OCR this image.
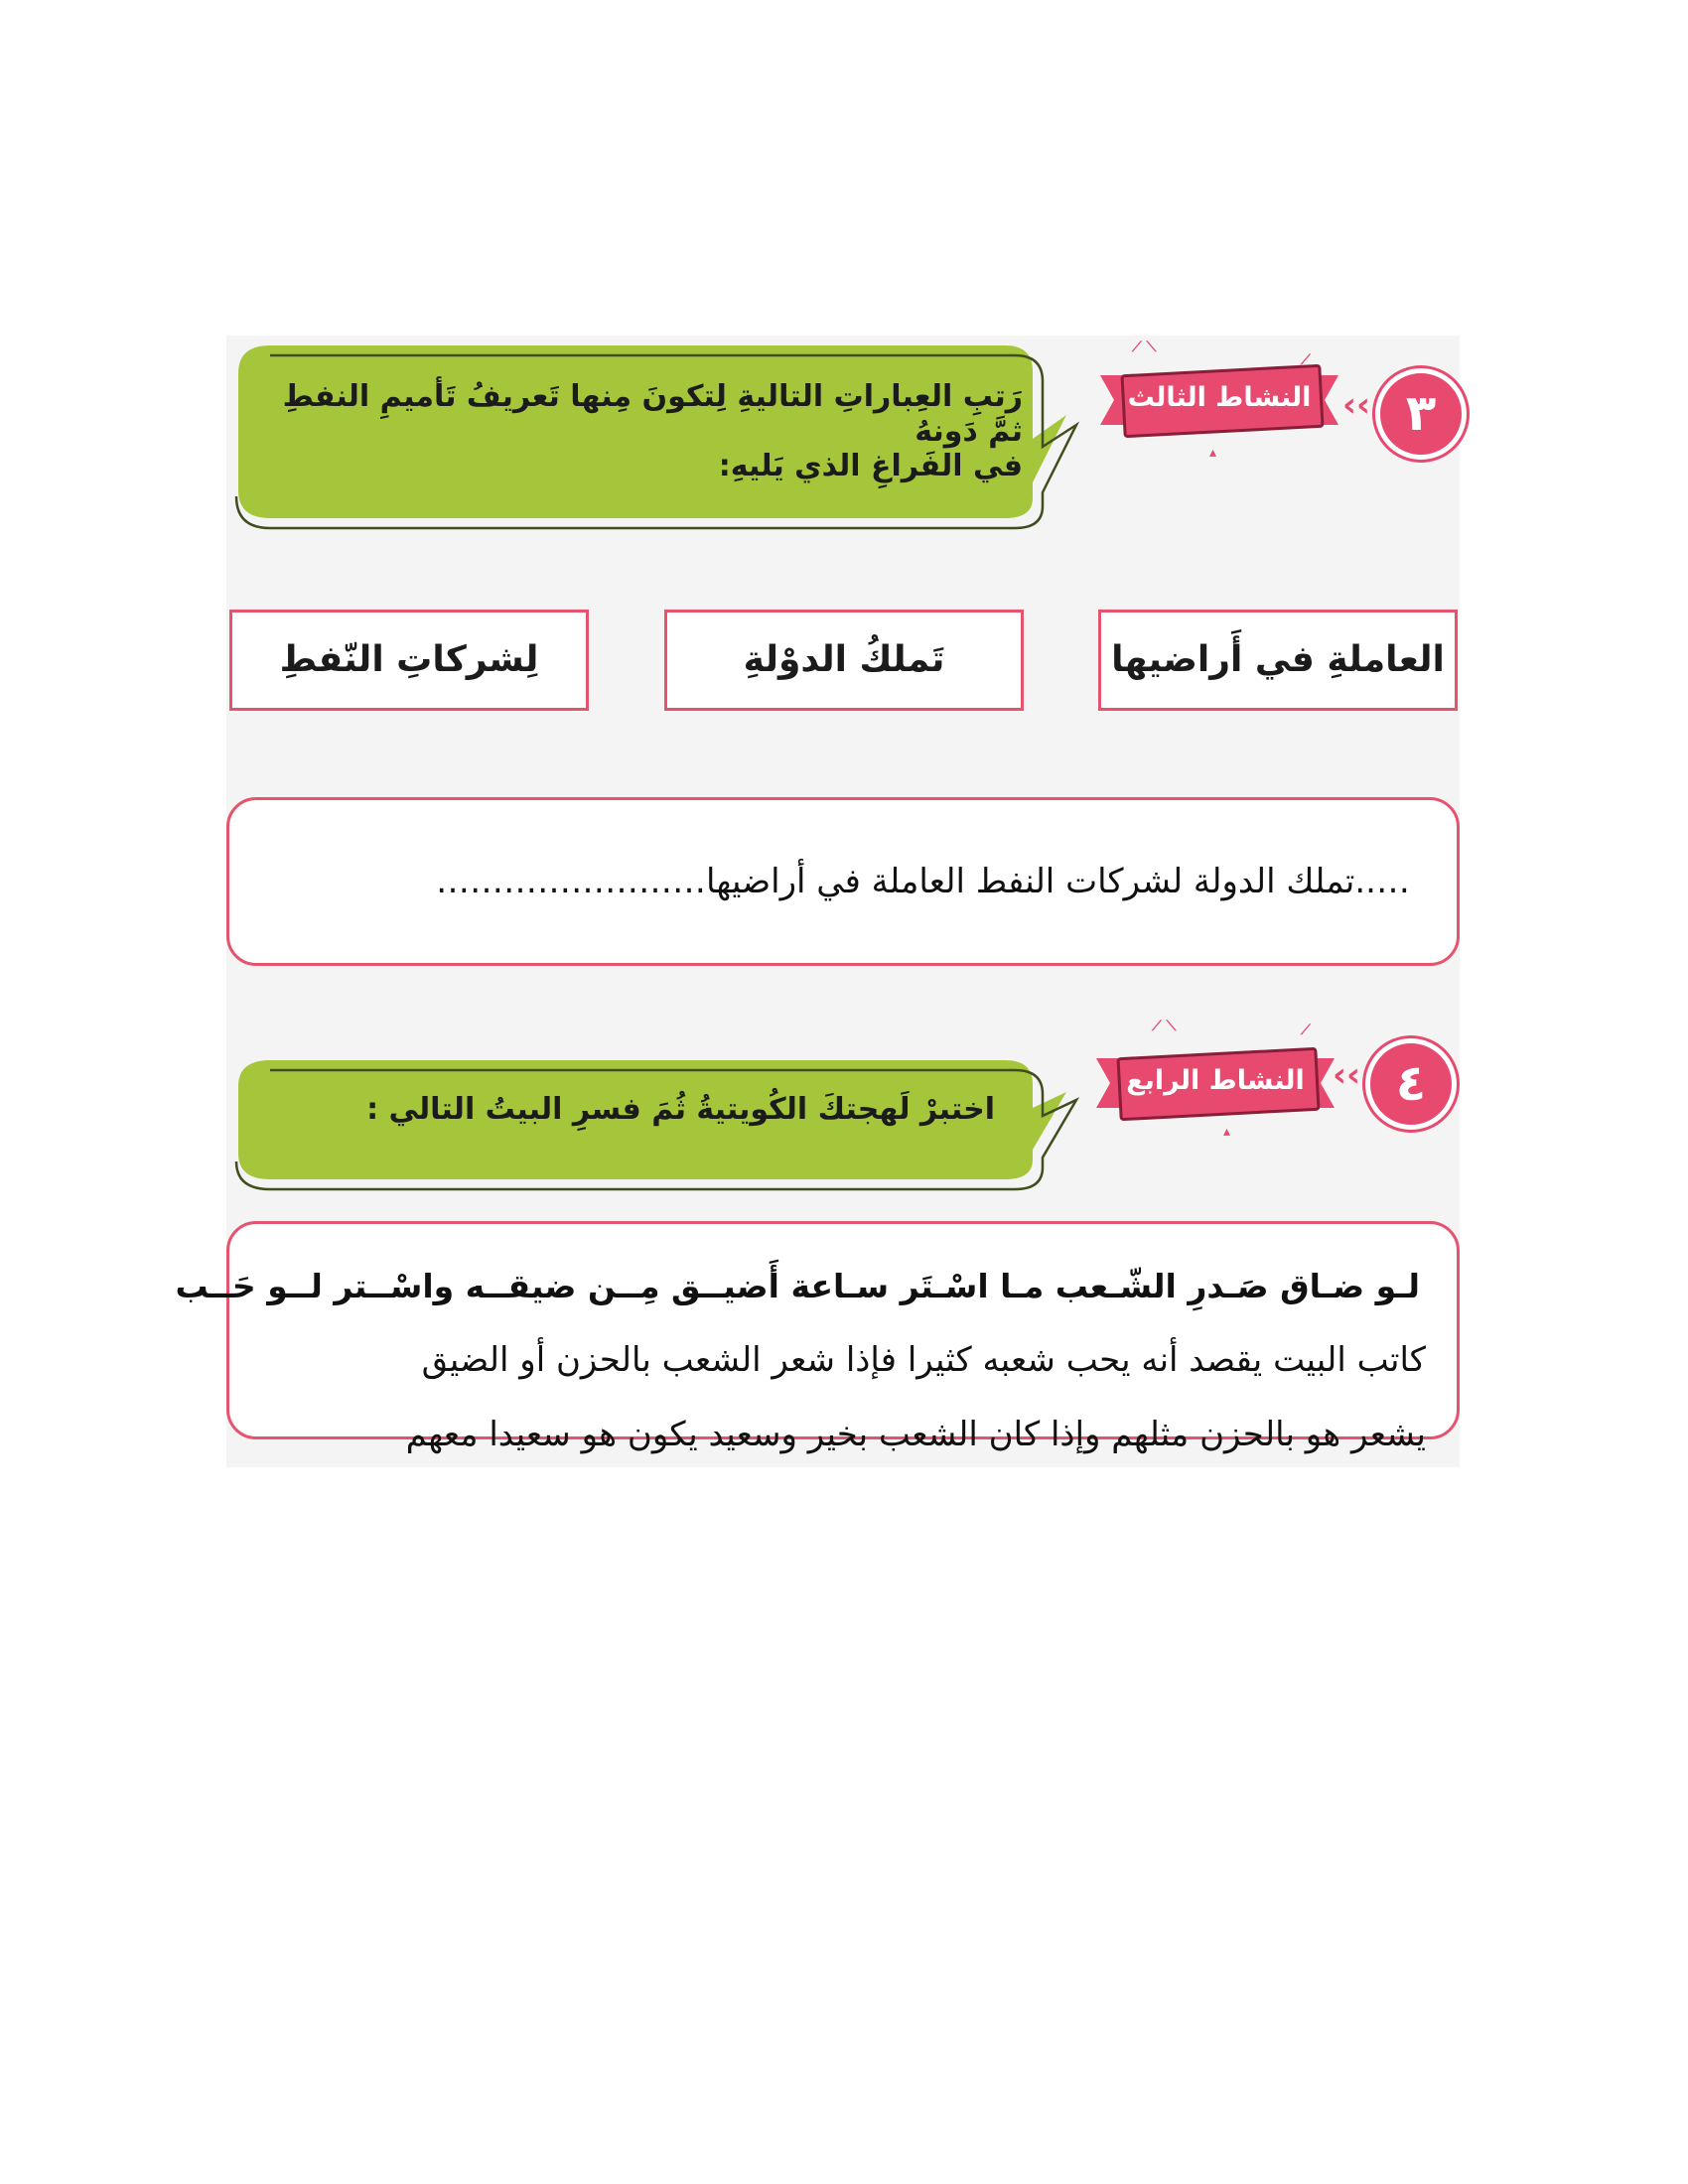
٣
‹‹
النشاط الثالث
⟋ ⟍
⟋
▴
رَتبِ العِباراتِ التاليةِ لِتكونَ مِنها تَعريفُ تَأميمِ النفطِ ثمَّ دَونهُ
في الفَراغِ الذي يَليهِ:
العاملةِ في أَراضيها
تَملكُ الدوْلةِ
لِشركاتِ النّفطِ
…..تملك الدولة لشركات النفط العاملة في أراضيها……………………
٤
‹‹
النشاط الرابع
⟋ ⟍	⟋
▴
اختبرْ لَهجتكَ الكُويتيةُ ثُمَ فسرِ البيتُ التالي :
لـو ضـاق صَـدرِ الشّـعب مـا اسْـتَر سـاعة أَضيــق مِــن ضيقــه واسْــتر لــو حَــب
كاتب البيت يقصد أنه يحب شعبه كثيرا فإذا شعر الشعب بالحزن أو الضيق
يشعر هو بالحزن مثلهم وإذا كان الشعب بخير وسعيد يكون هو سعيدا معهم
